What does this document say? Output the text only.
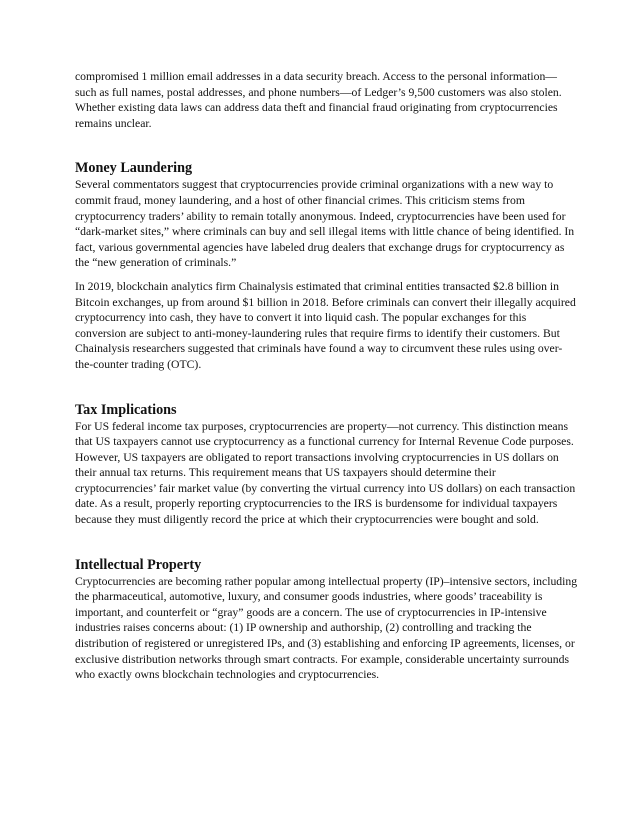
compromised 1 million email addresses in a data security breach. Access to the personal information—such as full names, postal addresses, and phone numbers—of Ledger’s 9,500 customers was also stolen. Whether existing data laws can address data theft and financial fraud originating from cryptocurrencies remains unclear.

Money Laundering

Several commentators suggest that cryptocurrencies provide criminal organizations with a new way to commit fraud, money laundering, and a host of other financial crimes. This criticism stems from cryptocurrency traders’ ability to remain totally anonymous. Indeed, cryptocurrencies have been used for “dark-market sites,” where criminals can buy and sell illegal items with little chance of being identified. In fact, various governmental agencies have labeled drug dealers that exchange drugs for cryptocurrency as the “new generation of criminals.”

In 2019, blockchain analytics firm Chainalysis estimated that criminal entities transacted $2.8 billion in Bitcoin exchanges, up from around $1 billion in 2018. Before criminals can convert their illegally acquired cryptocurrency into cash, they have to convert it into liquid cash. The popular exchanges for this conversion are subject to anti-money-laundering rules that require firms to identify their customers. But Chainalysis researchers suggested that criminals have found a way to circumvent these rules using over-the-counter trading (OTC).

Tax Implications

For US federal income tax purposes, cryptocurrencies are property—not currency. This distinction means that US taxpayers cannot use cryptocurrency as a functional currency for Internal Revenue Code purposes. However, US taxpayers are obligated to report transactions involving cryptocurrencies in US dollars on their annual tax returns. This requirement means that US taxpayers should determine their cryptocurrencies’ fair market value (by converting the virtual currency into US dollars) on each transaction date. As a result, properly reporting cryptocurrencies to the IRS is burdensome for individual taxpayers because they must diligently record the price at which their cryptocurrencies were bought and sold.

Intellectual Property

Cryptocurrencies are becoming rather popular among intellectual property (IP)–intensive sectors, including the pharmaceutical, automotive, luxury, and consumer goods industries, where goods’ traceability is important, and counterfeit or “gray” goods are a concern. The use of cryptocurrencies in IP-intensive industries raises concerns about: (1) IP ownership and authorship, (2) controlling and tracking the distribution of registered or unregistered IPs, and (3) establishing and enforcing IP agreements, licenses, or exclusive distribution networks through smart contracts. For example, considerable uncertainty surrounds who exactly owns blockchain technologies and cryptocurrencies.
